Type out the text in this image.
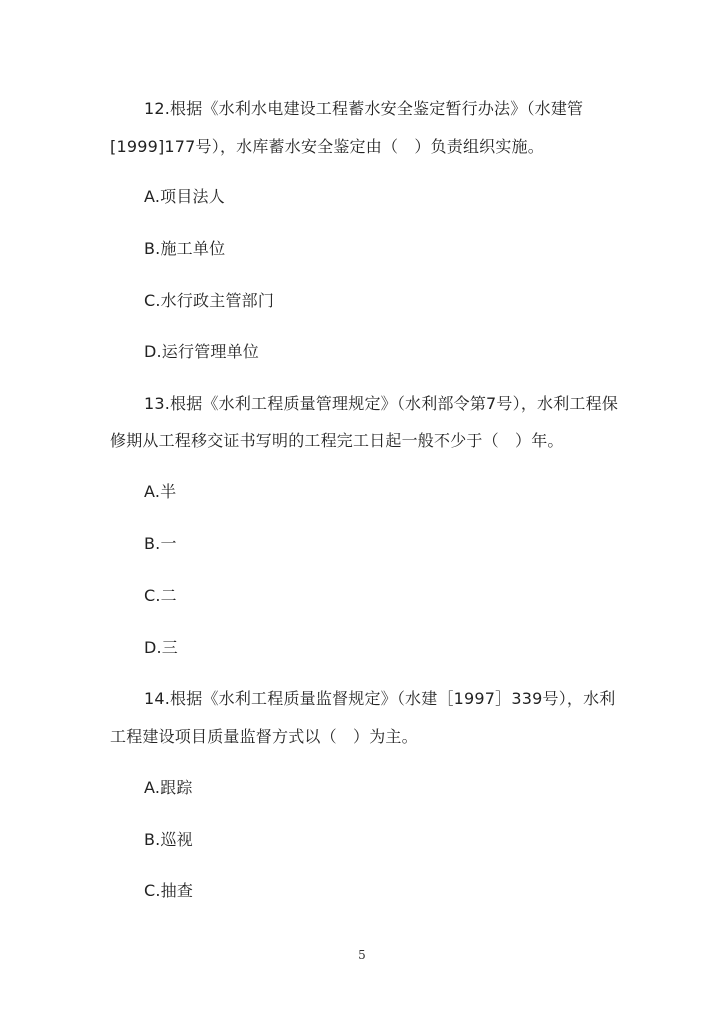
12.根据《水利水电建设工程蓄水安全鉴定暂行办法》（水建管
[1999]177号），水库蓄水安全鉴定由（　）负责组织实施。
A.项目法人
B.施工单位
C.水行政主管部门
D.运行管理单位
13.根据《水利工程质量管理规定》（水利部令第7号），水利工程保
修期从工程移交证书写明的工程完工日起一般不少于（　）年。
A.半
B.一
C.二
D.三
14.根据《水利工程质量监督规定》（水建［1997］339号），水利
工程建设项目质量监督方式以（　）为主。
A.跟踪
B.巡视
C.抽查
5
